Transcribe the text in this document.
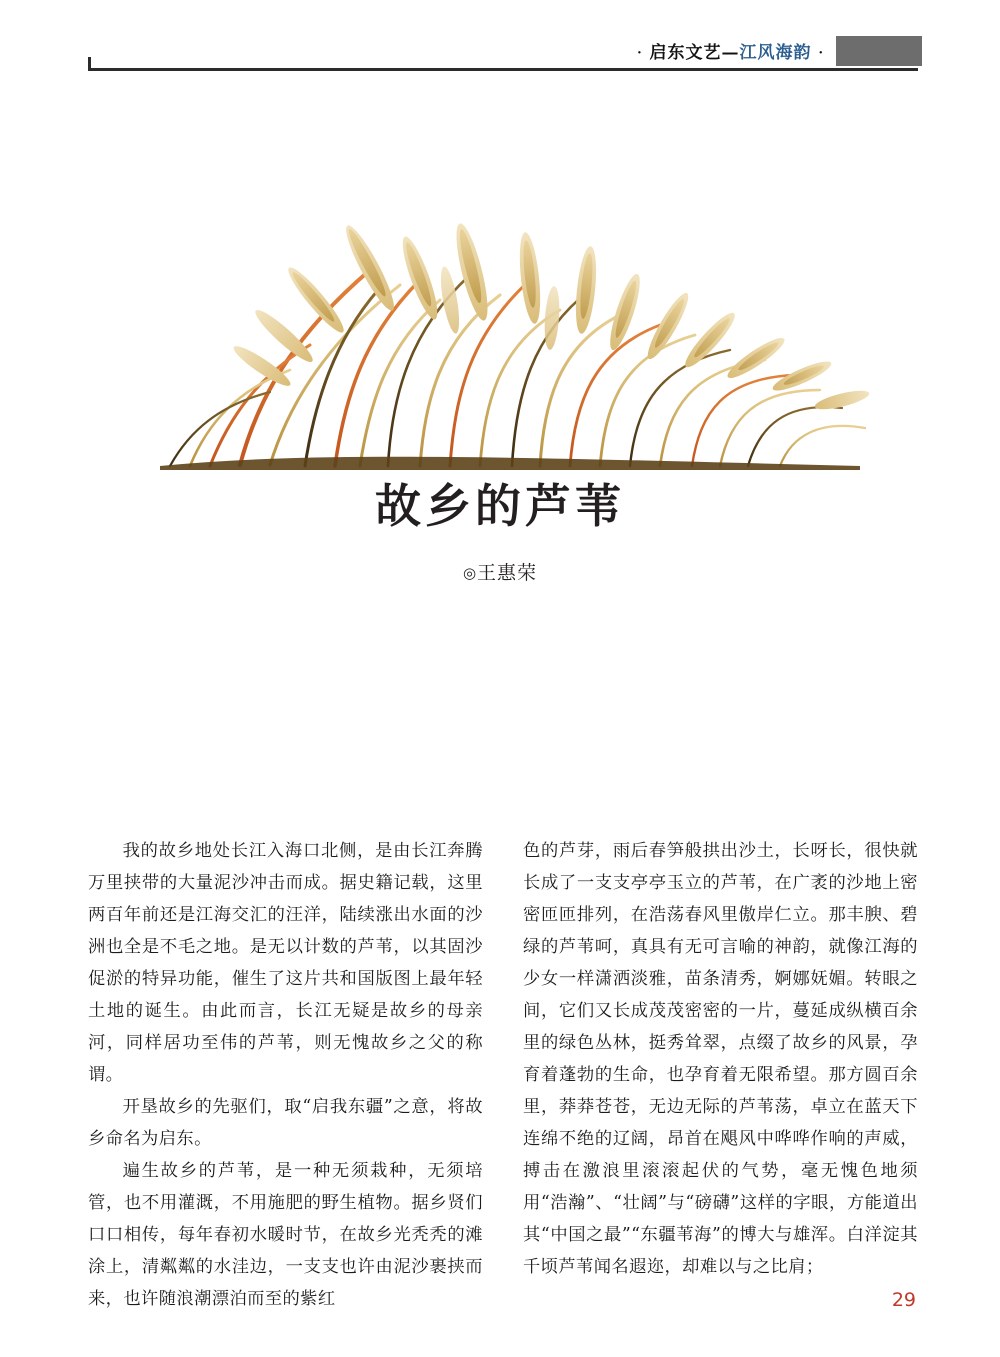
· 启东文艺—江风海韵 ·
故乡的芦苇
◎王惠荣

我的故乡地处长江入海口北侧，是由长江奔腾万里挟带的大量泥沙冲击而成。据史籍记载，这里两百年前还是江海交汇的汪洋，陆续涨出水面的沙洲也全是不毛之地。是无以计数的芦苇，以其固沙促淤的特异功能，催生了这片共和国版图上最年轻土地的诞生。由此而言，长江无疑是故乡的母亲河，同样居功至伟的芦苇，则无愧故乡之父的称谓。

开垦故乡的先驱们，取“启我东疆”之意，将故乡命名为启东。

遍生故乡的芦苇，是一种无须栽种，无须培管，也不用灌溉，不用施肥的野生植物。据乡贤们口口相传，每年春初水暖时节，在故乡光秃秃的滩涂上，清粼粼的水洼边，一支支也许由泥沙裹挟而来，也许随浪潮漂泊而至的紫红

色的芦芽，雨后春笋般拱出沙土，长呀长，很快就长成了一支支亭亭玉立的芦苇，在广袤的沙地上密密匝匝排列，在浩荡春风里傲岸仁立。那丰腴、碧绿的芦苇呵，真具有无可言喻的神韵，就像江海的少女一样潇洒淡雅，苗条清秀，婀娜妩媚。转眼之间，它们又长成茂茂密密的一片，蔓延成纵横百余里的绿色丛林，挺秀耸翠，点缀了故乡的风景，孕育着蓬勃的生命，也孕育着无限希望。那方圆百余里，莽莽苍苍，无边无际的芦苇荡，卓立在蓝天下连绵不绝的辽阔，昂首在飓风中哗哗作响的声威，搏击在激浪里滚滚起伏的气势，毫无愧色地须用“浩瀚”、“壮阔”与“磅礴”这样的字眼，方能道出其“中国之最”“东疆苇海”的博大与雄浑。白洋淀其千顷芦苇闻名遐迩，却难以与之比肩；

29
